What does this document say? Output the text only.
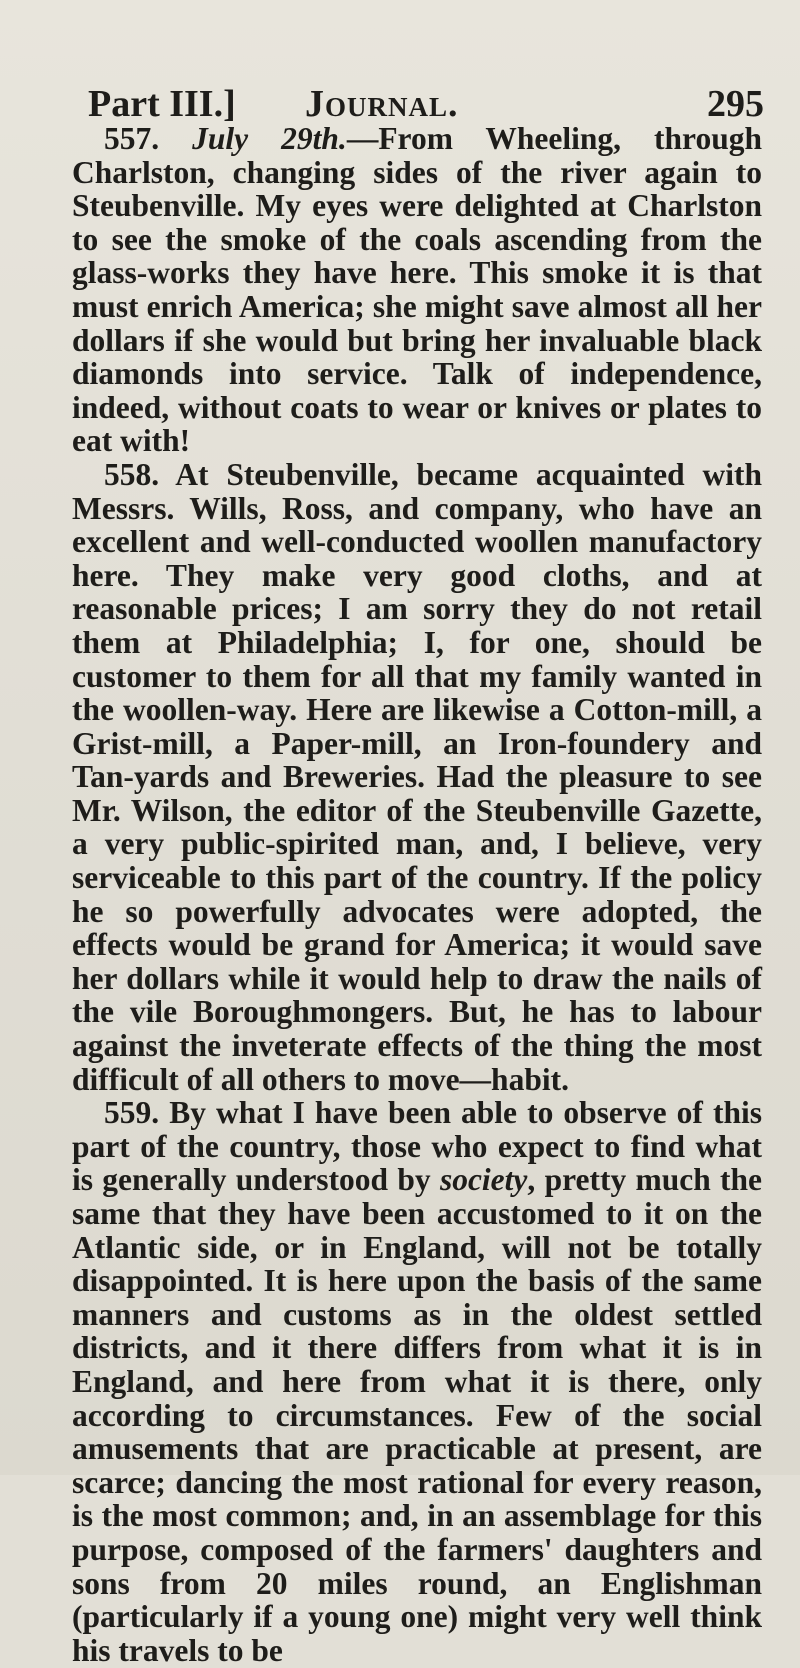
Part III.] Journal.	295

557. July 29th.—From Wheeling, through Charlston, changing sides of the river again to Steubenville. My eyes were delighted at Charlston to see the smoke of the coals ascending from the glass-works they have here. This smoke it is that must enrich America; she might save almost all her dollars if she would but bring her invaluable black diamonds into service. Talk of independence, indeed, without coats to wear or knives or plates to eat with!

558. At Steubenville, became acquainted with Messrs. Wills, Ross, and company, who have an excellent and well-conducted woollen manufactory here. They make very good cloths, and at reasonable prices; I am sorry they do not retail them at Philadelphia; I, for one, should be customer to them for all that my family wanted in the woollen-way. Here are likewise a Cotton-mill, a Grist-mill, a Paper-mill, an Iron-foundery and Tan-yards and Breweries. Had the pleasure to see Mr. Wilson, the editor of the Steubenville Gazette, a very public-spirited man, and, I believe, very serviceable to this part of the country. If the policy he so powerfully advocates were adopted, the effects would be grand for America; it would save her dollars while it would help to draw the nails of the vile Boroughmongers. But, he has to labour against the inveterate effects of the thing the most difficult of all others to move—habit.

559. By what I have been able to observe of this part of the country, those who expect to find what is generally understood by society, pretty much the same that they have been accustomed to it on the Atlantic side, or in England, will not be totally disappointed. It is here upon the basis of the same manners and customs as in the oldest settled districts, and it there differs from what it is in England, and here from what it is there, only according to circumstances. Few of the social amusements that are practicable at present, are scarce; dancing the most rational for every reason, is the most common; and, in an assemblage for this purpose, composed of the farmers' daughters and sons from 20 miles round, an Englishman (particularly if a young one) might very well think his travels to be
